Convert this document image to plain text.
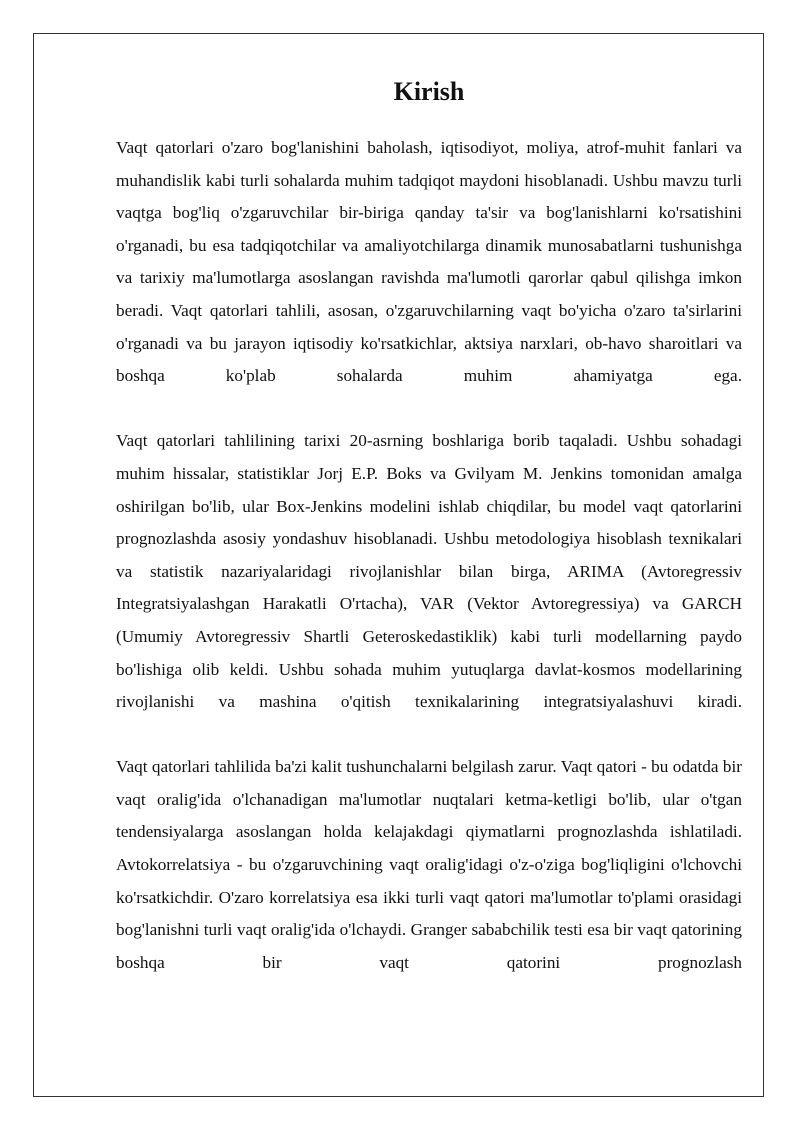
Kirish

Vaqt qatorlari o'zaro bog'lanishini baholash, iqtisodiyot, moliya, atrof-muhit fanlari va muhandislik kabi turli sohalarda muhim tadqiqot maydoni hisoblanadi. Ushbu mavzu turli vaqtga bog'liq o'zgaruvchilar bir-biriga qanday ta'sir va bog'lanishlarni ko'rsatishini o'rganadi, bu esa tadqiqotchilar va amaliyotchilarga dinamik munosabatlarni tushunishga va tarixiy ma'lumotlarga asoslangan ravishda ma'lumotli qarorlar qabul qilishga imkon beradi. Vaqt qatorlari tahlili, asosan, o'zgaruvchilarning vaqt bo'yicha o'zaro ta'sirlarini o'rganadi va bu jarayon iqtisodiy ko'rsatkichlar, aktsiya narxlari, ob-havo sharoitlari va boshqa ko'plab sohalarda muhim ahamiyatga ega.

Vaqt qatorlari tahlilining tarixi 20-asrning boshlariga borib taqaladi. Ushbu sohadagi muhim hissalar, statistiklar Jorj E.P. Boks va Gvilyam M. Jenkins tomonidan amalga oshirilgan bo'lib, ular Box-Jenkins modelini ishlab chiqdilar, bu model vaqt qatorlarini prognozlashda asosiy yondashuv hisoblanadi. Ushbu metodologiya hisoblash texnikalari va statistik nazariyalaridagi rivojlanishlar bilan birga, ARIMA (Avtoregressiv Integratsiyalashgan Harakatli O'rtacha), VAR (Vektor Avtoregressiya) va GARCH (Umumiy Avtoregressiv Shartli Geteroskedastiklik) kabi turli modellarning paydo bo'lishiga olib keldi. Ushbu sohada muhim yutuqlarga davlat-kosmos modellarining rivojlanishi va mashina o'qitish texnikalarining integratsiyalashuvi kiradi.

Vaqt qatorlari tahlilida ba'zi kalit tushunchalarni belgilash zarur. Vaqt qatori - bu odatda bir vaqt oralig'ida o'lchanadigan ma'lumotlar nuqtalari ketma-ketligi bo'lib, ular o'tgan tendensiyalarga asoslangan holda kelajakdagi qiymatlarni prognozlashda ishlatiladi. Avtokorrelatsiya - bu o'zgaruvchining vaqt oralig'idagi o'z-o'ziga bog'liqligini o'lchovchi ko'rsatkichdir. O'zaro korrelatsiya esa ikki turli vaqt qatori ma'lumotlar to'plami orasidagi bog'lanishni turli vaqt oralig'ida o'lchaydi. Granger sababchilik testi esa bir vaqt qatorining boshqa bir vaqt qatorini prognozlash
